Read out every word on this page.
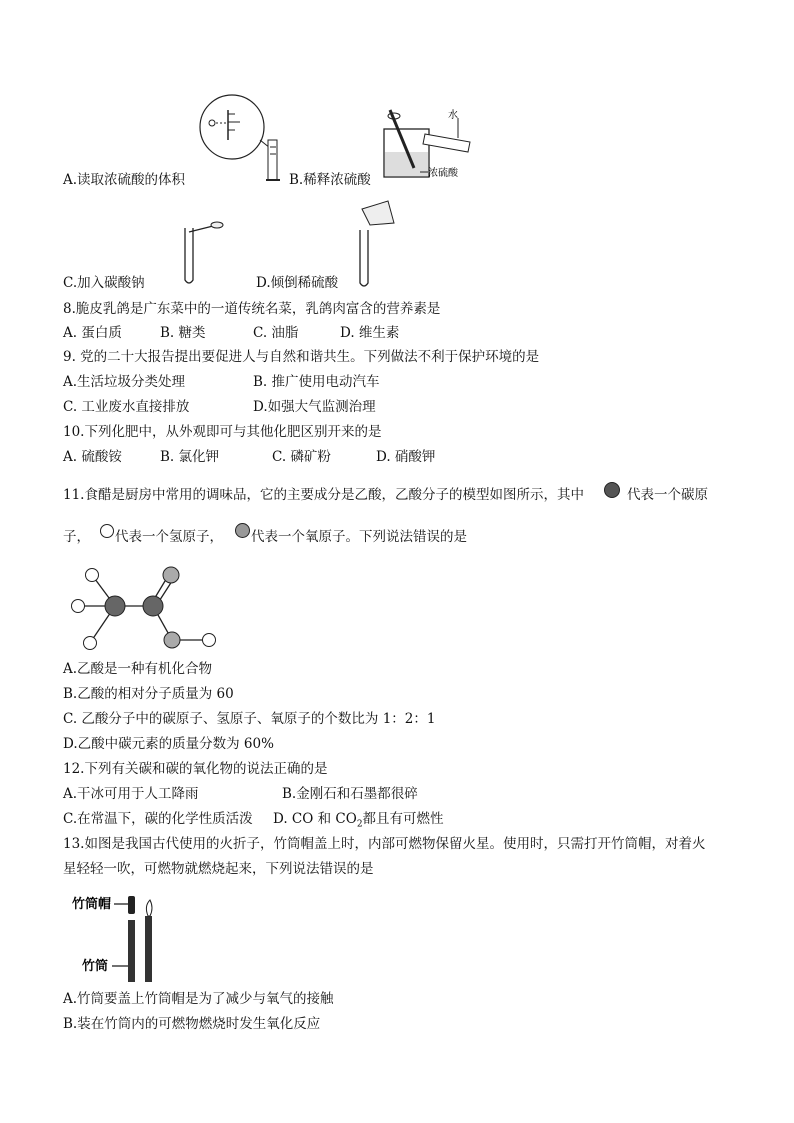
A.读取浓硫酸的体积
水
浓硫酸
B.稀释浓硫酸
C.加入碳酸钠	D.倾倒稀硫酸
8.脆皮乳鸽是广东菜中的一道传统名菜，乳鸽肉富含的营养素是
A. 蛋白质	B. 糖类	C. 油脂	D. 维生素
9. 党的二十大报告提出要促进人与自然和谐共生。下列做法不利于保护环境的是
A.生活垃圾分类处理	B. 推广使用电动汽车
C. 工业废水直接排放	D.如强大气监测治理
10.下列化肥中，从外观即可与其他化肥区别开来的是
A. 硫酸铵	B. 氯化钾	C. 磷矿粉	D. 硝酸钾
11.食醋是厨房中常用的调味品，它的主要成分是乙酸，乙酸分子的模型如图所示，其中	代表一个碳原
子， 代表一个氢原子， 代表一个氧原子。下列说法错误的是
A.乙酸是一种有机化合物
B.乙酸的相对分子质量为 60
C. 乙酸分子中的碳原子、氢原子、氧原子的个数比为 1：2：1
D.乙酸中碳元素的质量分数为 60%
12.下列有关碳和碳的氧化物的说法正确的是
A.干冰可用于人工降雨	B.金刚石和石墨都很碎
C.在常温下，碳的化学性质活泼 D. CO 和 $CO_2$都且有可燃性
13.如图是我国古代使用的火折子，竹筒帽盖上时，内部可燃物保留火星。使用时，只需打开竹筒帽，对着火
星轻轻一吹，可燃物就燃烧起来，下列说法错误的是
竹筒帽
竹筒
A.竹筒要盖上竹筒帽是为了减少与氧气的接触
B.装在竹筒内的可燃物燃烧时发生氧化反应
